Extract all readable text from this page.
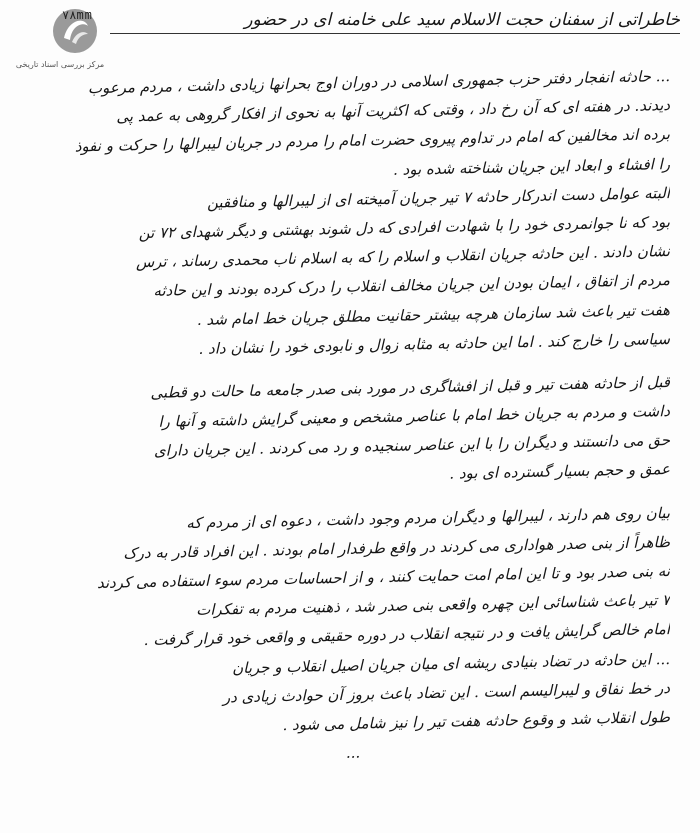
مرکز بررسی اسناد تاریخی
۷۸mm	خاطراتی از سفنان حجت الاسلام سید علی خامنه ای در حضور
... حادثه انفجار دفتر حزب جمهوری اسلامی در دوران اوج بحرانها زیادی داشت ، مردم مرعوب
دیدند. در هفته ای که آن رخ داد ، وقتی که اکثریت آنها به نحوی از افکار گروهی به عمد پی
برده اند مخالفین که امام در تداوم پیروی حضرت امام را مردم در جریان لیبرالها را حرکت و نفوذ
را افشاء و ابعاد این جریان شناخته شده بود .
البته عوامل دست اندرکار حادثه ۷ تیر جریان آمیخته ای از لیبرالها و منافقین
بود که نا جوانمردی خود را با شهادت افرادی که دل شوند بهشتی و دیگر شهدای ۷۲ تن
نشان دادند . این حادثه جریان انقلاب و اسلام را که به اسلام ناب محمدی رساند ، ترس
مردم از اتفاق ، ایمان بودن این جریان مخالف انقلاب را درک کرده بودند و این حادثه
هفت تیر باعث شد سازمان هرچه بیشتر حقانیت مطلق جریان خط امام شد .
سیاسی را خارج کند . اما این حادثه به مثابه زوال و نابودی خود را نشان داد .
قبل از حادثه هفت تیر و قبل از افشاگری در مورد بنی صدر جامعه ما حالت دو قطبی
داشت و مردم به جریان خط امام با عناصر مشخص و معینی گرایش داشته و آنها را
حق می دانستند و دیگران را با این عناصر سنجیده و رد می کردند . این جریان دارای
عمق و حجم بسیار گسترده ای بود .
بیان روی هم دارند ، لیبرالها و دیگران مردم وجود داشت ، دعوه ای از مردم که
ظاهراً از بنی صدر هواداری می کردند در واقع طرفدار امام بودند . این افراد قادر به درک
نه بنی صدر بود و تا این امام امت حمایت کنند ، و از احساسات مردم سوء استفاده می کردند
۷ تیر باعث شناسائی این چهره واقعی بنی صدر شد ، ذهنیت مردم به تفکرات
امام خالص گرایش یافت و در نتیجه انقلاب در دوره حقیقی و واقعی خود قرار گرفت .
... این حادثه در تضاد بنیادی ریشه ای میان جریان اصیل انقلاب و جریان
در خط نفاق و لیبرالیسم است . این تضاد باعث بروز آن حوادث زیادی در
طول انقلاب شد و وقوع حادثه هفت تیر را نیز شامل می شود .
...
